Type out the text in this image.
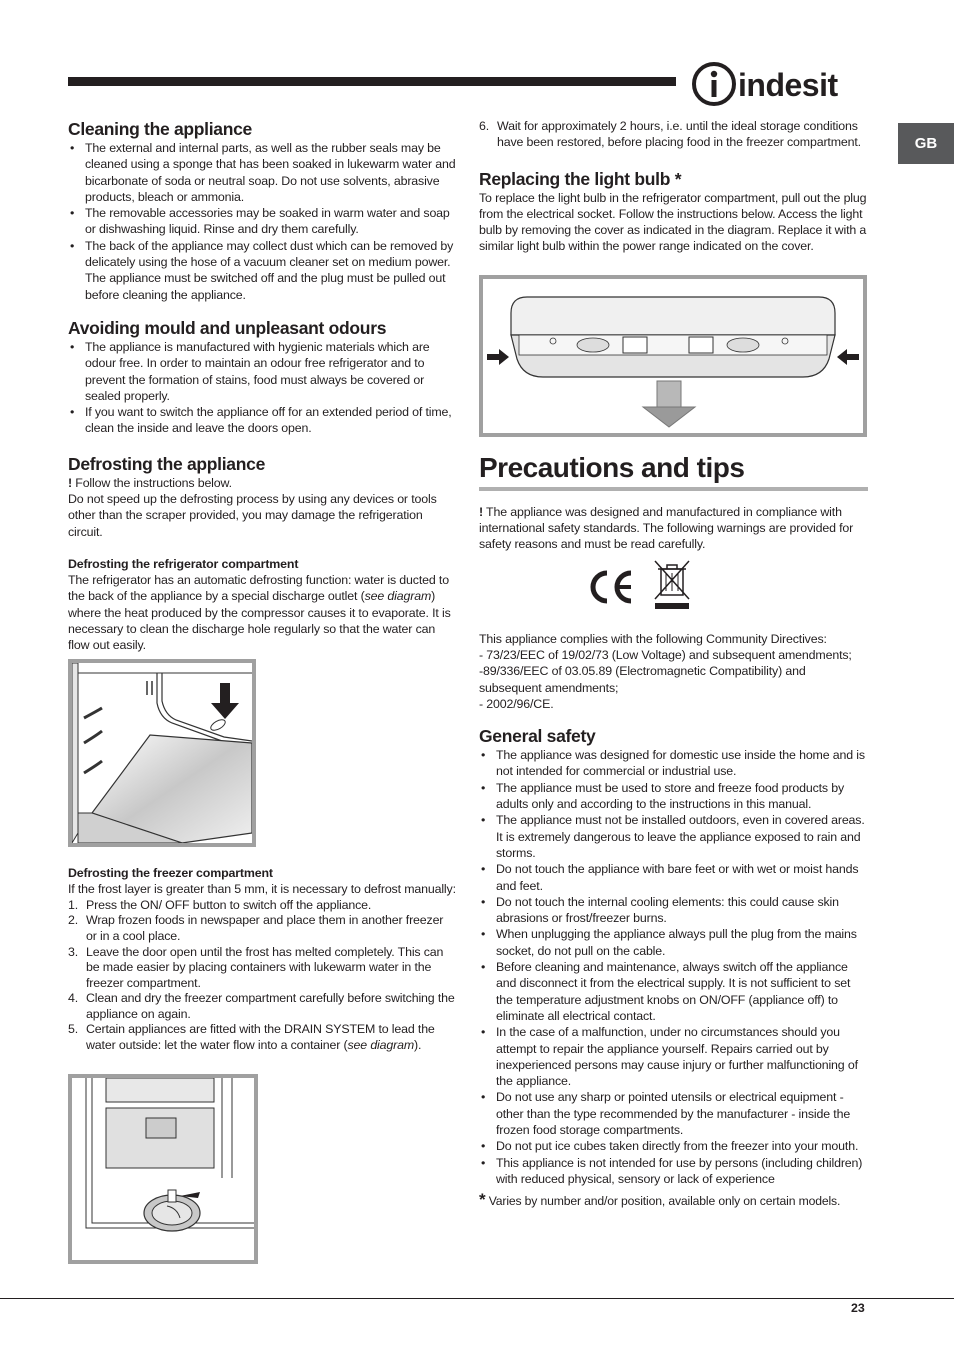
indesit
GB
Cleaning the appliance
• The external and internal parts, as well as the rubber seals may be cleaned using a sponge that has been soaked in lukewarm water and bicarbonate of soda or neutral soap. Do not use solvents, abrasive products, bleach or ammonia.
• The removable accessories may be soaked in warm water and soap or dishwashing liquid. Rinse and dry them carefully.
• The back of the appliance may collect dust which can be removed by delicately using the hose of a vacuum cleaner set on medium power. The appliance must be switched off and the plug must be pulled out before cleaning the appliance.
Avoiding mould and unpleasant odours
• The appliance is manufactured with hygienic materials which are odour free. In order to maintain an odour free refrigerator and to prevent the formation of stains, food must always be covered or sealed properly.
• If you want to switch the appliance off for an extended period of time, clean the inside and leave the doors open.
Defrosting the appliance

! Follow the instructions below.

Do not speed up the defrosting process by using any devices or tools other than the scraper provided, you may damage the refrigeration circuit.

Defrosting the refrigerator compartment

The refrigerator has an automatic defrosting function: water is ducted to the back of the appliance by a special discharge outlet (see diagram) where the heat produced by the compressor causes it to evaporate. It is necessary to clean the discharge hole regularly so that the water can flow out easily.

Defrosting the freezer compartment

If the frost layer is greater than 5 mm, it is necessary to defrost manually:

1. Press the ON/ OFF button to switch off the appliance.
2. Wrap frozen foods in newspaper and place them in another freezer or in a cool place.
3. Leave the door open until the frost has melted completely. This can be made easier by placing containers with lukewarm water in the freezer compartment.
4. Clean and dry the freezer compartment carefully before switching the appliance on again.
5. Certain appliances are fitted with the DRAIN SYSTEM to lead the water outside: let the water flow into a container (see diagram).
6. Wait for approximately 2 hours, i.e. until the ideal storage conditions have been restored, before placing food in the freezer compartment.
Replacing the light bulb *

To replace the light bulb in the refrigerator compartment, pull out the plug from the electrical socket. Follow the instructions below. Access the light bulb by removing the cover as indicated in the diagram. Replace it with a similar light bulb within the power range indicated on the cover.

Precautions and tips

! The appliance was designed and manufactured in compliance with international safety standards. The following warnings are provided for safety reasons and must be read carefully.

This appliance complies with the following Community Directives:

- 73/23/EEC of 19/02/73 (Low Voltage) and subsequent amendments;

-89/336/EEC of 03.05.89 (Electromagnetic Compatibility) and subsequent amendments;

- 2002/96/CE.

General safety
• The appliance was designed for domestic use inside the home and is not intended for commercial or industrial use.
• The appliance must be used to store and freeze food products by adults only and according to the instructions in this manual.
• The appliance must not be installed outdoors, even in covered areas. It is extremely dangerous to leave the appliance exposed to rain and storms.
• Do not touch the appliance with bare feet or with wet or moist hands and feet.
• Do not touch the internal cooling elements: this could cause skin abrasions or frost/freezer burns.
• When unplugging the appliance always pull the plug from the mains socket, do not pull on the cable.
• Before cleaning and maintenance, always switch off the appliance and disconnect it from the electrical supply. It is not sufficient to set the temperature adjustment knobs on ON/OFF (appliance off) to eliminate all electrical contact.
• In the case of a malfunction, under no circumstances should you attempt to repair the appliance yourself. Repairs carried out by inexperienced persons may cause injury or further malfunctioning of the appliance.
• Do not use any sharp or pointed utensils or electrical equipment - other than the type recommended by the manufacturer - inside the frozen food storage compartments.
• Do not put ice cubes taken directly from the freezer into your mouth.
• This appliance is not intended for use by persons (including children) with reduced physical, sensory or lack of experience

* Varies by number and/or position, available only on certain models.

23
